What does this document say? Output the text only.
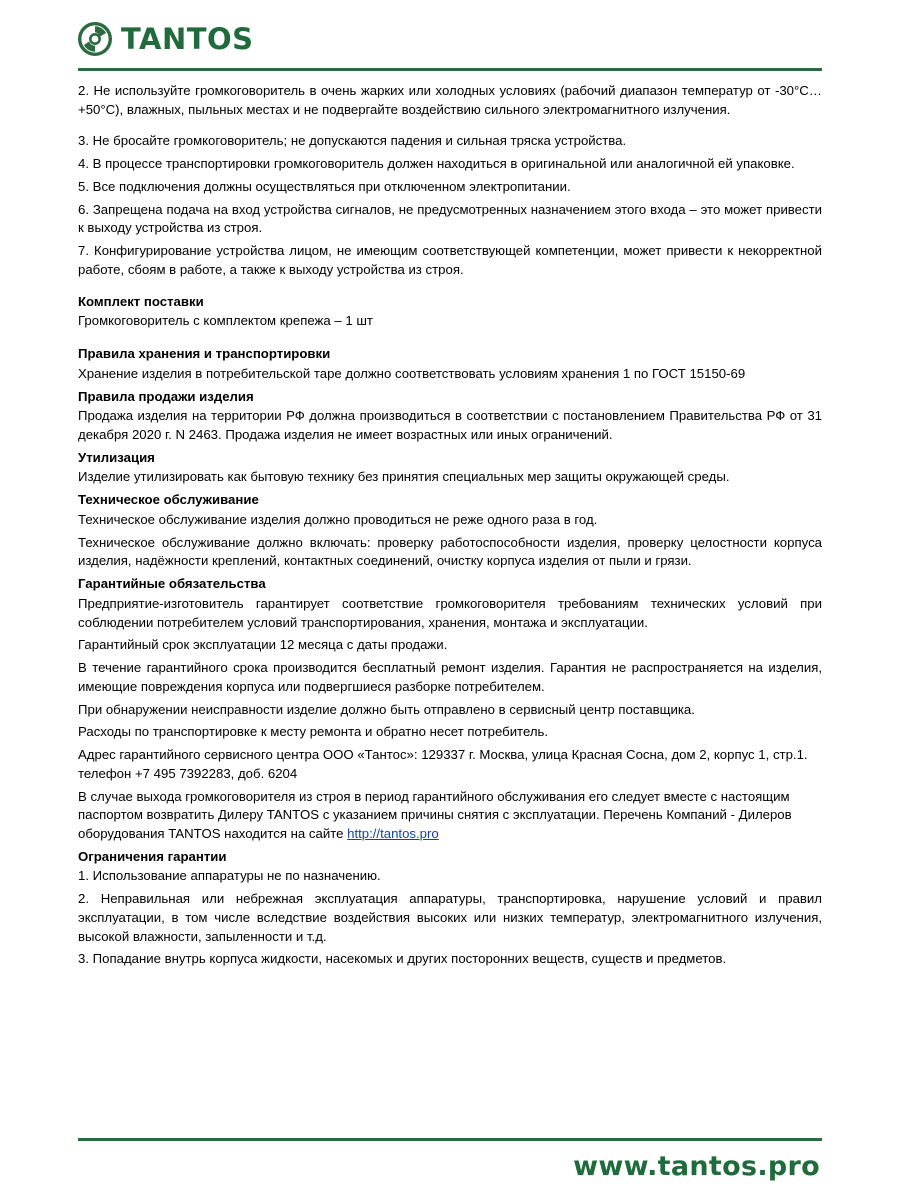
TANTOS

2. Не используйте громкоговоритель в очень жарких или холодных условиях (рабочий диапазон температур от -30°С…+50°С), влажных, пыльных местах и не подвергайте воздействию сильного электромагнитного излучения.

3. Не бросайте громкоговоритель; не допускаются падения и сильная тряска устройства.

4. В процессе транспортировки громкоговоритель должен находиться в оригинальной или аналогичной ей упаковке.

5. Все подключения должны осуществляться при отключенном электропитании.

6. Запрещена подача на вход устройства сигналов, не предусмотренных назначением этого входа – это может привести к выходу устройства из строя.

7. Конфигурирование устройства лицом, не имеющим соответствующей компетенции, может привести к некорректной работе, сбоям в работе, а также к выходу устройства из строя.

Комплект поставки

Громкоговоритель с комплектом крепежа – 1 шт

Правила хранения и транспортировки

Хранение изделия в потребительской таре должно соответствовать условиям хранения 1 по ГОСТ 15150-69

Правила продажи изделия

Продажа изделия на территории РФ должна производиться в соответствии с постановлением Правительства РФ от 31 декабря 2020 г. N 2463. Продажа изделия не имеет возрастных или иных ограничений.

Утилизация

Изделие утилизировать как бытовую технику без принятия специальных мер защиты окружающей среды.

Техническое обслуживание

Техническое обслуживание изделия должно проводиться не реже одного раза в год.

Техническое обслуживание должно включать: проверку работоспособности изделия, проверку целостности корпуса изделия, надёжности креплений, контактных соединений, очистку корпуса изделия от пыли и грязи.

Гарантийные обязательства

Предприятие-изготовитель гарантирует соответствие громкоговорителя требованиям технических условий при соблюдении потребителем условий транспортирования, хранения, монтажа и эксплуатации.

Гарантийный срок эксплуатации 12 месяца с даты продажи.

В течение гарантийного срока производится бесплатный ремонт изделия. Гарантия не распространяется на изделия, имеющие повреждения корпуса или подвергшиеся разборке потребителем.

При обнаружении неисправности изделие должно быть отправлено в сервисный центр поставщика.

Расходы по транспортировке к месту ремонта и обратно несет потребитель.

Адрес гарантийного сервисного центра ООО «Тантос»: 129337 г. Москва, улица Красная Сосна, дом 2, корпус 1, стр.1. телефон +7 495 7392283, доб. 6204

В случае выхода громкоговорителя из строя в период гарантийного обслуживания его следует вместе с настоящим паспортом возвратить Дилеру TANTOS с указанием причины снятия с эксплуатации. Перечень Компаний - Дилеров оборудования TANTOS находится на сайте http://tantos.pro

Ограничения гарантии

1. Использование аппаратуры не по назначению.

2. Неправильная или небрежная эксплуатация аппаратуры, транспортировка, нарушение условий и правил эксплуатации, в том числе вследствие воздействия высоких или низких температур, электромагнитного излучения, высокой влажности, запыленности и т.д.

3. Попадание внутрь корпуса жидкости, насекомых и других посторонних веществ, существ и предметов.

www.tantos.pro
